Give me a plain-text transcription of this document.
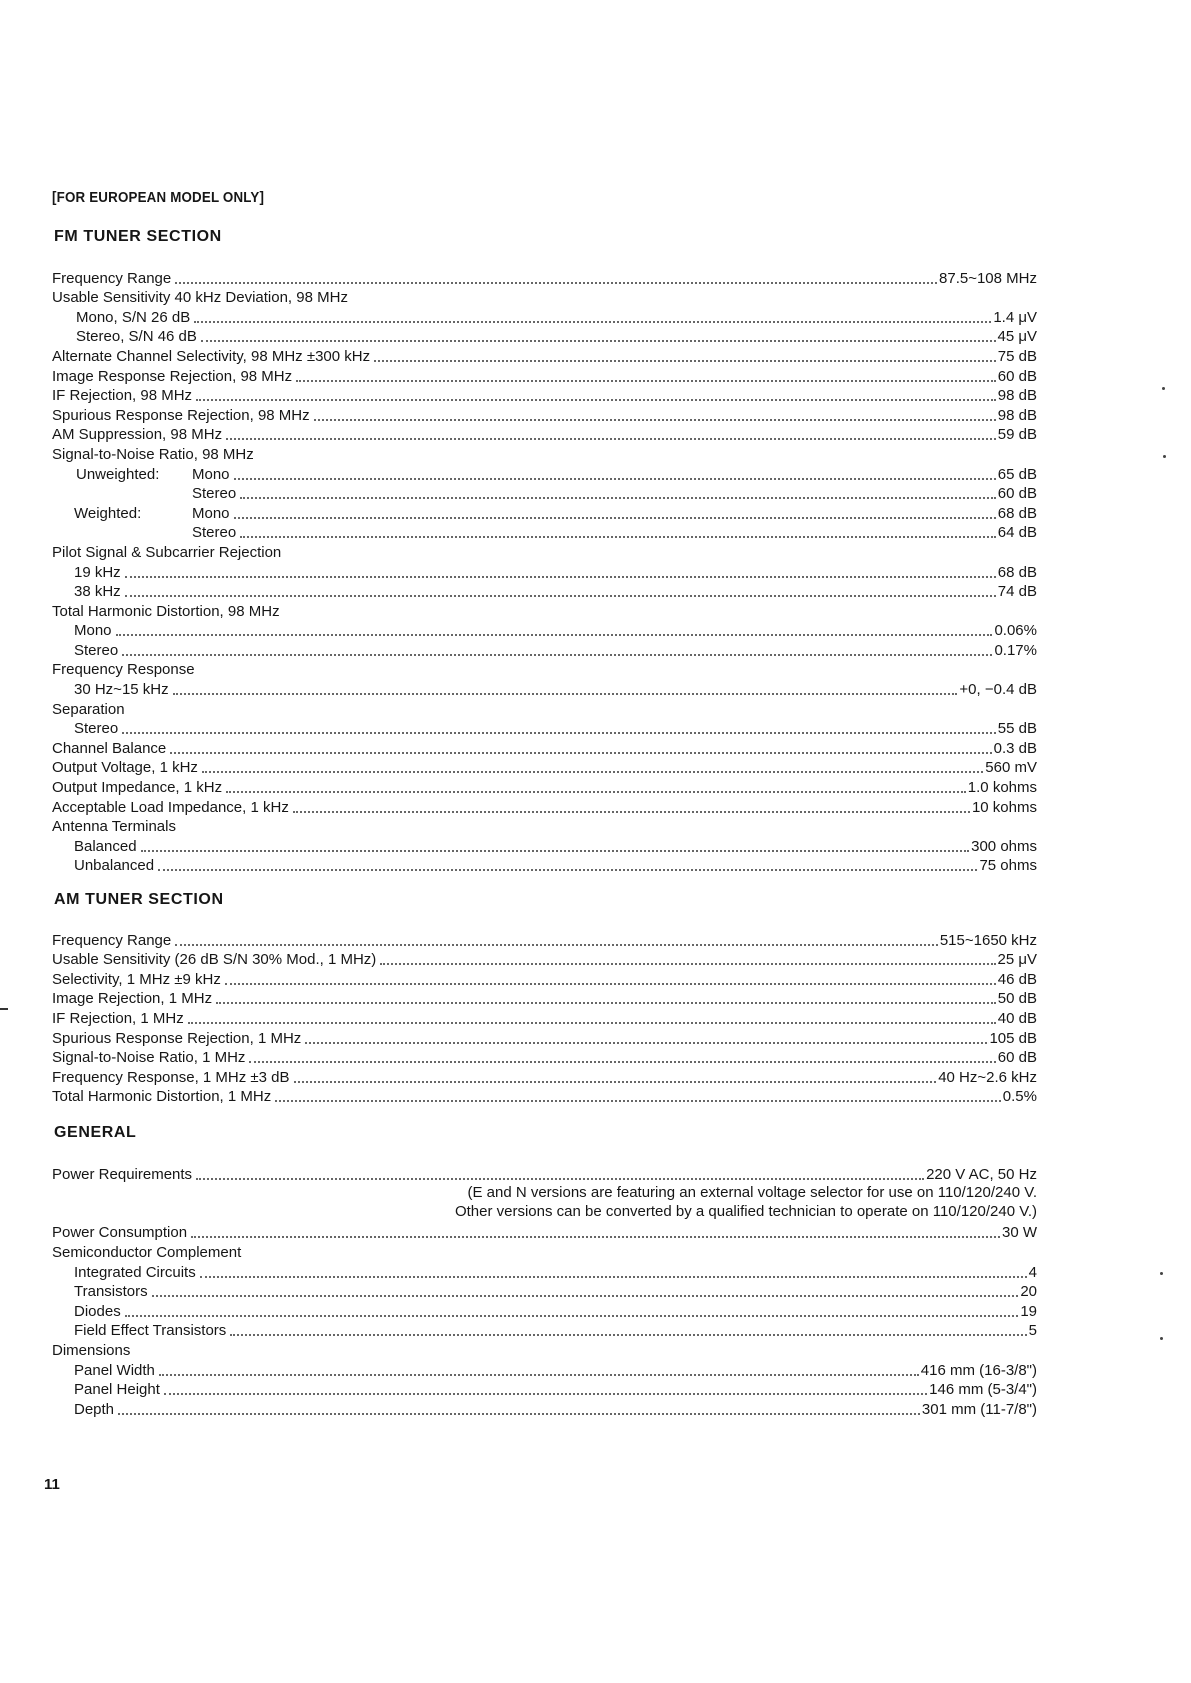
[FOR EUROPEAN MODEL ONLY]
FM TUNER SECTION
Frequency Range	87.5~108 MHz
Usable Sensitivity 40 kHz Deviation, 98 MHz
Mono, S/N 26 dB	1.4 μV
Stereo, S/N 46 dB	45 μV
Alternate Channel Selectivity, 98 MHz ±300 kHz	75 dB
Image Response Rejection, 98 MHz	60 dB
IF Rejection, 98 MHz	98 dB
Spurious Response Rejection, 98 MHz	98 dB
AM Suppression, 98 MHz	59 dB
Signal-to-Noise Ratio, 98 MHz
Unweighted: Mono	65 dB
Stereo	60 dB
Weighted:	Mono	68 dB
Stereo	64 dB
Pilot Signal & Subcarrier Rejection
19 kHz	68 dB
38 kHz	74 dB
Total Harmonic Distortion, 98 MHz
Mono	0.06%
Stereo	0.17%
Frequency Response
30 Hz~15 kHz	+0, −0.4 dB
Separation
Stereo	55 dB
Channel Balance	0.3 dB
Output Voltage, 1 kHz	560 mV
Output Impedance, 1 kHz	1.0 kohms
Acceptable Load Impedance, 1 kHz	10 kohms
Antenna Terminals
Balanced	300 ohms
Unbalanced	75 ohms
AM TUNER SECTION
Frequency Range	515~1650 kHz
Usable Sensitivity (26 dB S/N 30% Mod., 1 MHz)	25 μV
Selectivity, 1 MHz ±9 kHz	46 dB
Image Rejection, 1 MHz	50 dB
IF Rejection, 1 MHz	40 dB
Spurious Response Rejection, 1 MHz	105 dB
Signal-to-Noise Ratio, 1 MHz	60 dB
Frequency Response, 1 MHz ±3 dB	40 Hz~2.6 kHz
Total Harmonic Distortion, 1 MHz	0.5%
GENERAL
Power Requirements	220 V AC, 50 Hz
(E and N versions are featuring an external voltage selector for use on 110/120/240 V.
Other versions can be converted by a qualified technician to operate on 110/120/240 V.)
Power Consumption	30 W
Semiconductor Complement
Integrated Circuits	4
Transistors	20
Diodes	19
Field Effect Transistors	5
Dimensions
Panel Width	416 mm (16-3/8")
Panel Height	146 mm (5-3/4")
Depth	301 mm (11-7/8")
11
